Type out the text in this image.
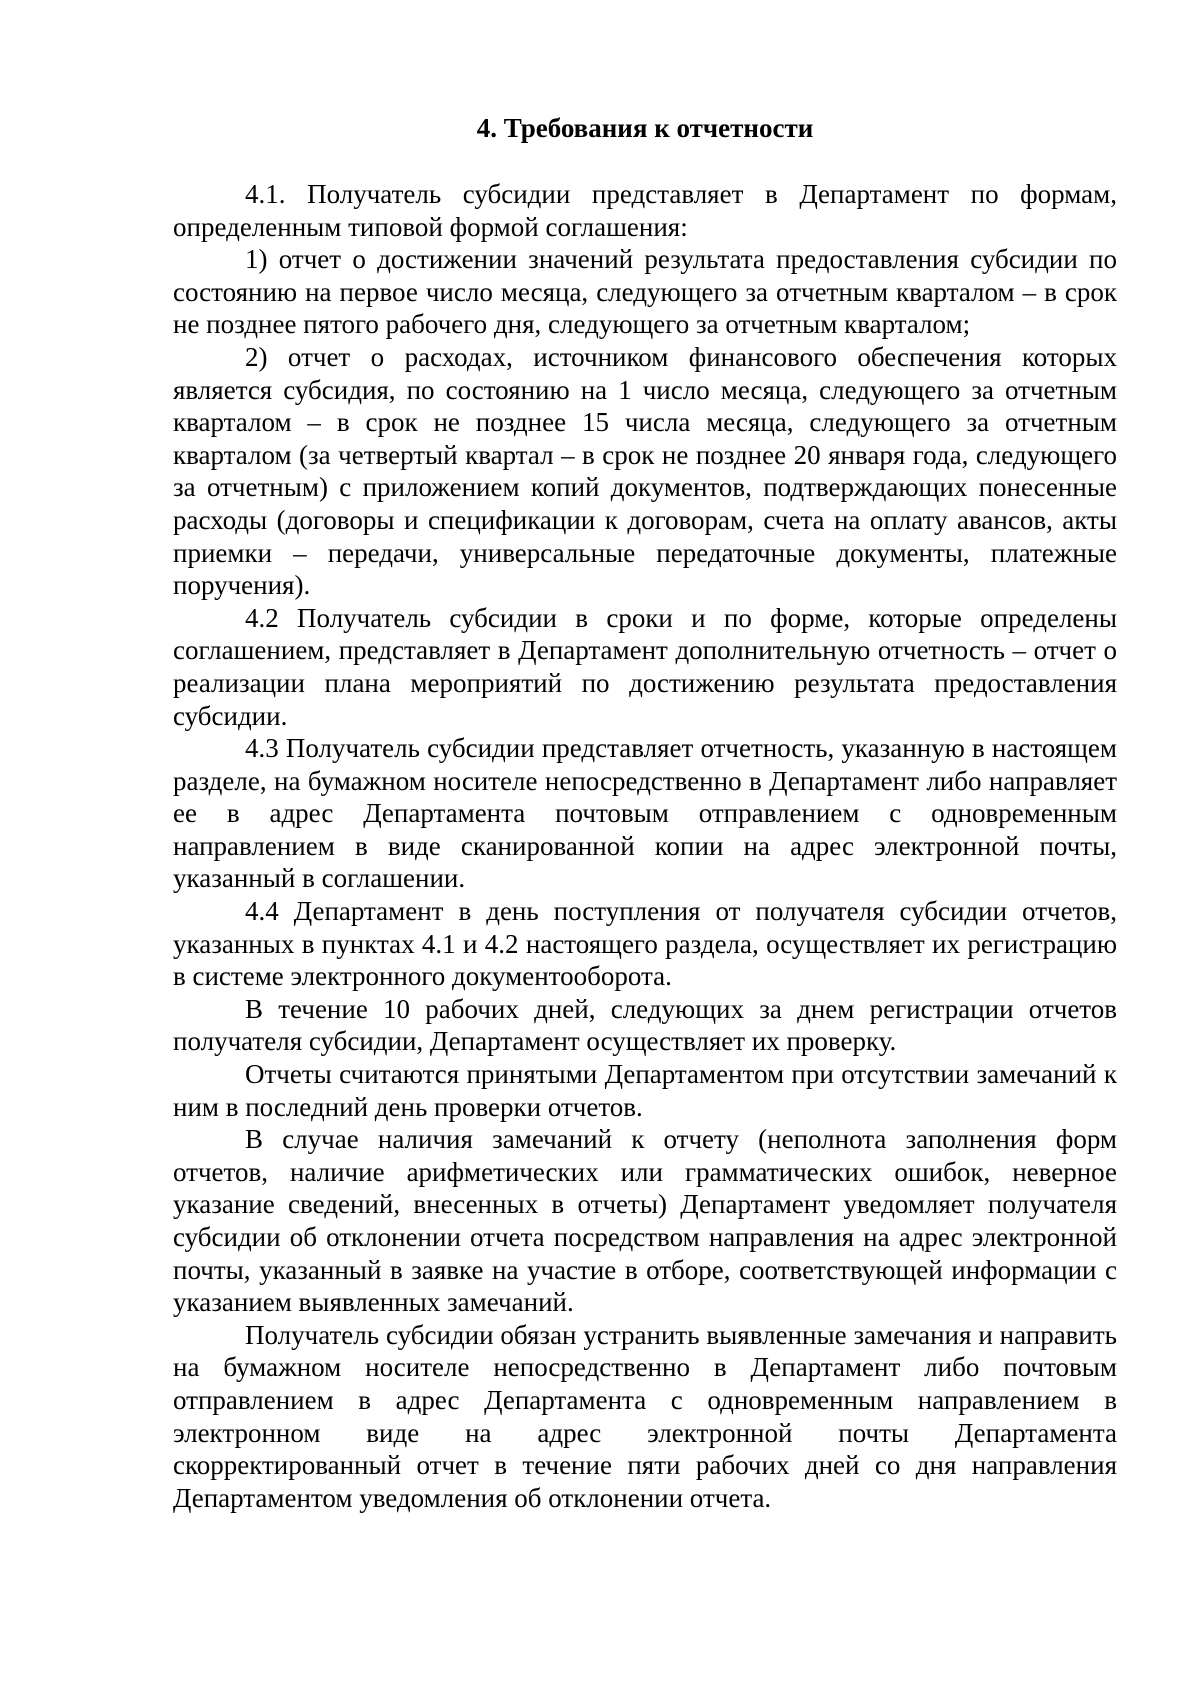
4. Требования к отчетности

4.1. Получатель субсидии представляет в Департамент по формам, определенным типовой формой соглашения:

1) отчет о достижении значений результата предоставления субсидии по состоянию на первое число месяца, следующего за отчетным кварталом – в срок не позднее пятого рабочего дня, следующего за отчетным кварталом;

2) отчет о расходах, источником финансового обеспечения которых является субсидия, по состоянию на 1 число месяца, следующего за отчетным кварталом – в срок не позднее 15 числа месяца, следующего за отчетным кварталом (за четвертый квартал – в срок не позднее 20 января года, следующего за отчетным) с приложением копий документов, подтверждающих понесенные расходы (договоры и спецификации к договорам, счета на оплату авансов, акты приемки – передачи, универсальные передаточные документы, платежные поручения).

4.2 Получатель субсидии в сроки и по форме, которые определены соглашением, представляет в Департамент дополнительную отчетность – отчет о реализации плана мероприятий по достижению результата предоставления субсидии.

4.3 Получатель субсидии представляет отчетность, указанную в настоящем разделе, на бумажном носителе непосредственно в Департамент либо направляет ее в адрес Департамента почтовым отправлением с одновременным направлением в виде сканированной копии на адрес электронной почты, указанный в соглашении.

4.4 Департамент в день поступления от получателя субсидии отчетов, указанных в пунктах 4.1 и 4.2 настоящего раздела, осуществляет их регистрацию в системе электронного документооборота.

В течение 10 рабочих дней, следующих за днем регистрации отчетов получателя субсидии, Департамент осуществляет их проверку.

Отчеты считаются принятыми Департаментом при отсутствии замечаний к ним в последний день проверки отчетов.

В случае наличия замечаний к отчету (неполнота заполнения форм отчетов, наличие арифметических или грамматических ошибок, неверное указание сведений, внесенных в отчеты) Департамент уведомляет получателя субсидии об отклонении отчета посредством направления на адрес электронной почты, указанный в заявке на участие в отборе, соответствующей информации с указанием выявленных замечаний.

Получатель субсидии обязан устранить выявленные замечания и направить на бумажном носителе непосредственно в Департамент либо почтовым отправлением в адрес Департамента с одновременным направлением в электронном виде на адрес электронной почты Департамента скорректированный отчет в течение пяти рабочих дней со дня направления Департаментом уведомления об отклонении отчета.
